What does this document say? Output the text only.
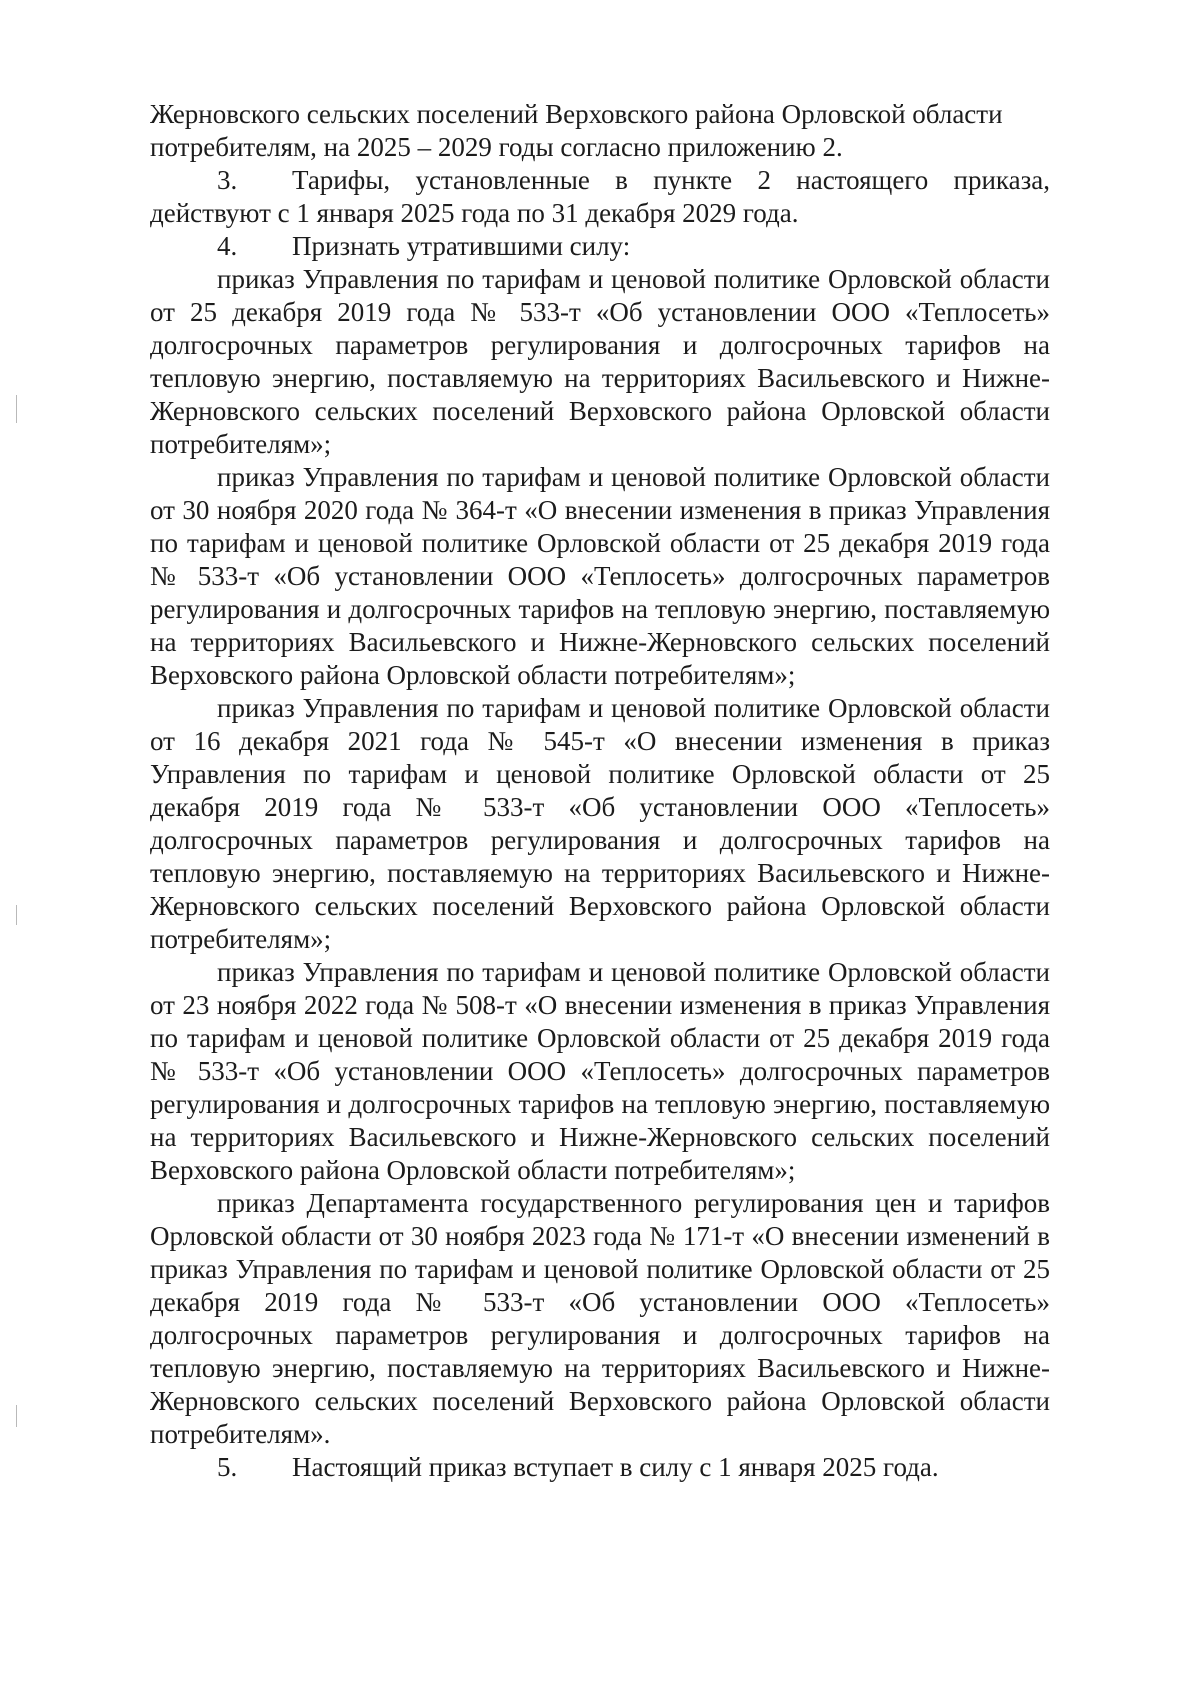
Жерновского сельских поселений Верховского района Орловской области
потребителям, на 2025 – 2029 годы согласно приложению 2.

3. Тарифы, установленные в пункте 2 настоящего приказа, действуют с 1 января 2025 года по 31 декабря 2029 года.

4. Признать утратившими силу:

приказ Управления по тарифам и ценовой политике Орловской области от 25 декабря 2019 года № 533-т «Об установлении ООО «Теплосеть» долгосрочных параметров регулирования и долгосрочных тарифов на тепловую энергию, поставляемую на территориях Васильевского и Нижне-Жерновского сельских поселений Верховского района Орловской области потребителям»;

приказ Управления по тарифам и ценовой политике Орловской области от 30 ноября 2020 года № 364-т «О внесении изменения в приказ Управления по тарифам и ценовой политике Орловской области от 25 декабря 2019 года № 533-т «Об установлении ООО «Теплосеть» долгосрочных параметров регулирования и долгосрочных тарифов на тепловую энергию, поставляемую на территориях Васильевского и Нижне-Жерновского сельских поселений Верховского района Орловской области потребителям»;

приказ Управления по тарифам и ценовой политике Орловской области от 16 декабря 2021 года № 545-т «О внесении изменения в приказ Управления по тарифам и ценовой политике Орловской области от 25 декабря 2019 года № 533-т «Об установлении ООО «Теплосеть» долгосрочных параметров регулирования и долгосрочных тарифов на тепловую энергию, поставляемую на территориях Васильевского и Нижне-Жерновского сельских поселений Верховского района Орловской области потребителям»;

приказ Управления по тарифам и ценовой политике Орловской области от 23 ноября 2022 года № 508-т «О внесении изменения в приказ Управления по тарифам и ценовой политике Орловской области от 25 декабря 2019 года № 533-т «Об установлении ООО «Теплосеть» долгосрочных параметров регулирования и долгосрочных тарифов на тепловую энергию, поставляемую на территориях Васильевского и Нижне-Жерновского сельских поселений Верховского района Орловской области потребителям»;

приказ Департамента государственного регулирования цен и тарифов Орловской области от 30 ноября 2023 года № 171-т «О внесении изменений в приказ Управления по тарифам и ценовой политике Орловской области от 25 декабря 2019 года № 533-т «Об установлении ООО «Теплосеть» долгосрочных параметров регулирования и долгосрочных тарифов на тепловую энергию, поставляемую на территориях Васильевского и Нижне-Жерновского сельских поселений Верховского района Орловской области потребителям».

5. Настоящий приказ вступает в силу с 1 января 2025 года.
